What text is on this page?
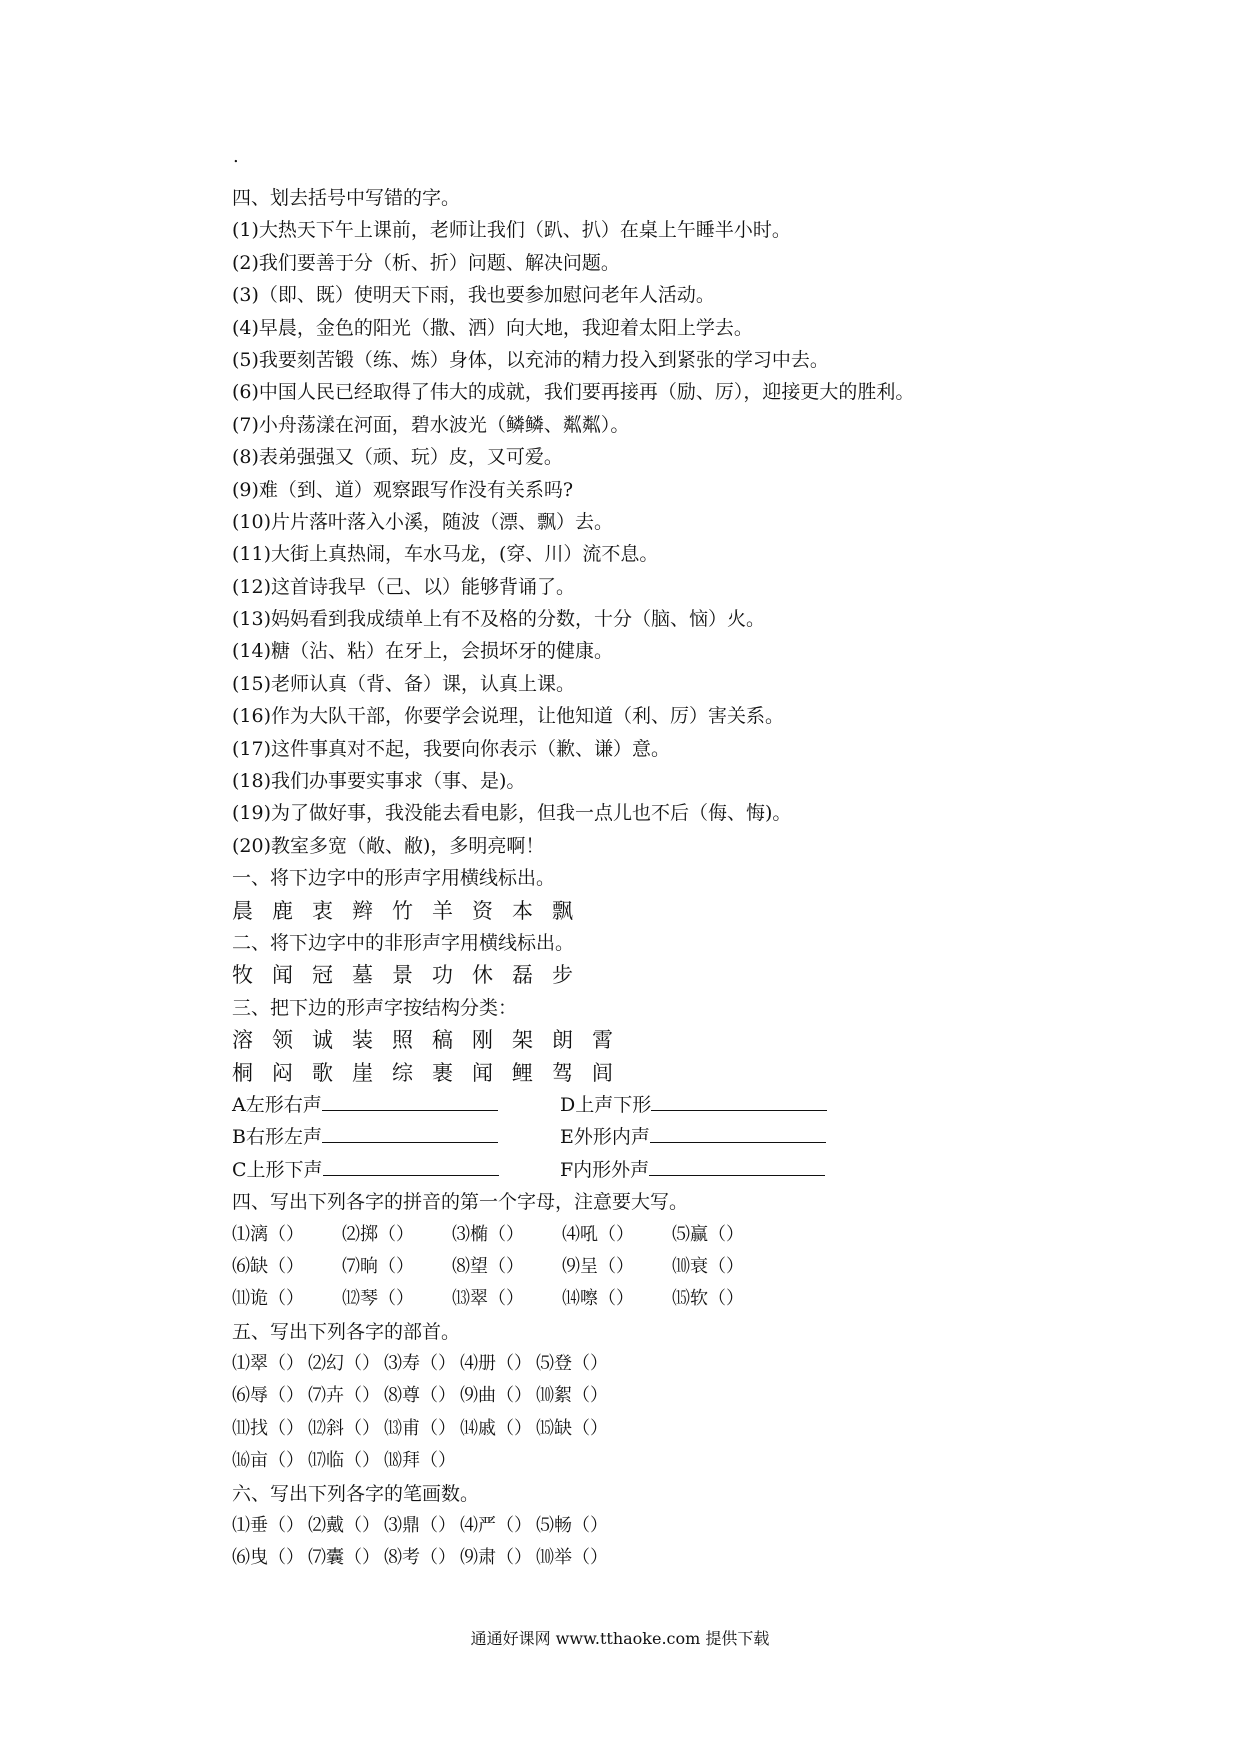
.
四、划去括号中写错的字。
(1)大热天下午上课前，老师让我们（趴、扒）在桌上午睡半小时。
(2)我们要善于分（析、折）问题、解决问题。
(3)（即、既）使明天下雨，我也要参加慰问老年人活动。
(4)早晨，金色的阳光（撒、洒）向大地，我迎着太阳上学去。
(5)我要刻苦锻（练、炼）身体，以充沛的精力投入到紧张的学习中去。
(6)中国人民已经取得了伟大的成就，我们要再接再（励、厉），迎接更大的胜利。
(7)小舟荡漾在河面，碧水波光（鳞鳞、粼粼）。
(8)表弟强强又（顽、玩）皮，又可爱。
(9)难（到、道）观察跟写作没有关系吗?
(10)片片落叶落入小溪，随波（漂、飘）去。
(11)大街上真热闹，车水马龙，(穿、川）流不息。
(12)这首诗我早（己、以）能够背诵了。
(13)妈妈看到我成绩单上有不及格的分数，十分（脑、恼）火。
(14)糖（沾、粘）在牙上，会损坏牙的健康。
(15)老师认真（背、备）课，认真上课。
(16)作为大队干部，你要学会说理，让他知道（利、厉）害关系。
(17)这件事真对不起，我要向你表示（歉、谦）意。
(18)我们办事要实事求（事、是)。
(19)为了做好事，我没能去看电影，但我一点儿也不后（侮、悔)。
(20)教室多宽（敞、敝)，多明亮啊！
一、将下边字中的形声字用横线标出。
晨 鹿 衷 辫 竹 羊 资 本 飘
二、将下边字中的非形声字用横线标出。
牧 闻 冠 墓 景 功 休 磊 步
三、把下边的形声字按结构分类：
溶 领 诚 装 照 稿 刚 架 朗 霄
桐 闷 歌 崖 综 裹 闻 鲤 驾 闾
A左形右声	D上声下形
B右形左声	E外形内声
C上形下声	F内形外声
四、写出下列各字的拼音的第一个字母，注意要大写。
⑴漓（）	⑵掷（）	⑶椭（）	⑷吼（）	⑸赢（）
⑹缺（）	⑺晌（）	⑻望（）	⑼呈（）	⑽衰（）
⑾诡（）	⑿琴（）	⒀翠（）	⒁嚓（）	⒂软（）
五、写出下列各字的部首。
⑴翠（） ⑵幻（） ⑶寿（） ⑷册（） ⑸登（）
⑹辱（） ⑺卉（） ⑻尊（） ⑼曲（） ⑽絮（）
⑾找（） ⑿斜（） ⒀甫（） ⒁戚（） ⒂缺（）
⒃亩（） ⒄临（） ⒅拜（）
六、写出下列各字的笔画数。
⑴垂（） ⑵戴（） ⑶鼎（） ⑷严（） ⑸畅（）
⑹曳（） ⑺囊（） ⑻考（） ⑼肃（） ⑽举（）
通通好课网 www.tthaoke.com 提供下载
